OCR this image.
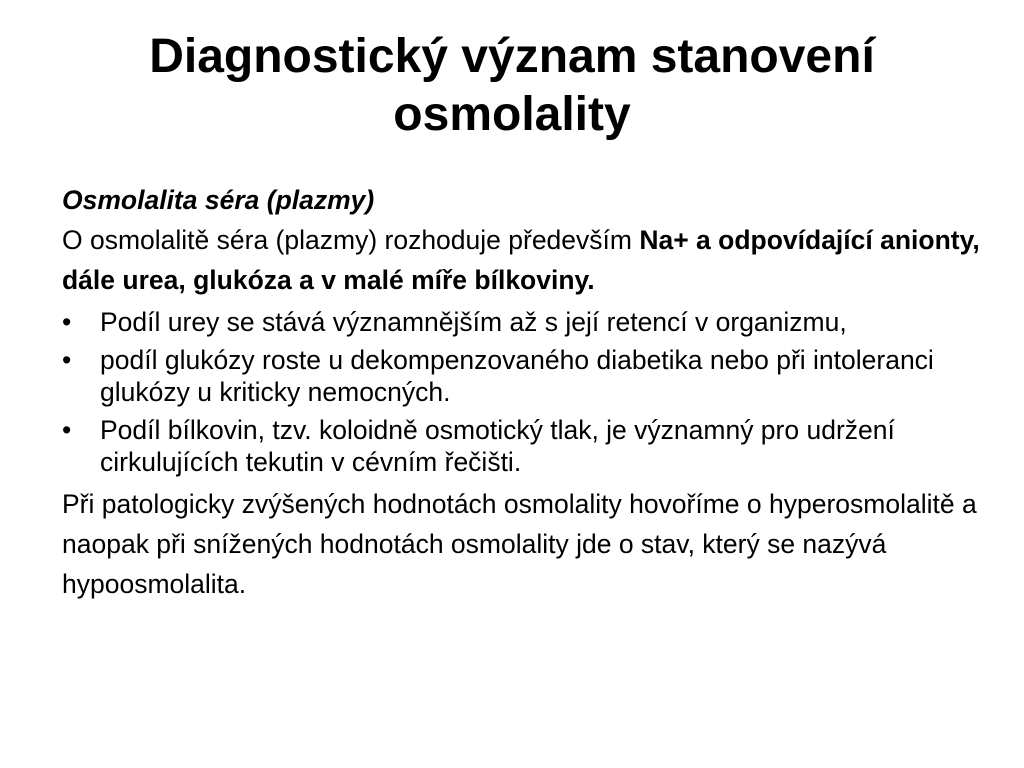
Diagnostický význam stanovení
osmolality
Osmolalita séra (plazmy)

O osmolalitě séra (plazmy) rozhoduje především Na+ a odpovídající anionty, dále urea, glukóza a v malé míře bílkoviny.

•	Podíl urey se stává významnějším až s její retencí v organizmu,
•	podíl glukózy roste u dekompenzovaného diabetika nebo při intoleranci glukózy u kriticky nemocných.
•	Podíl bílkovin, tzv. koloidně osmotický tlak, je významný pro udržení cirkulujících tekutin v cévním řečišti.

Při patologicky zvýšených hodnotách osmolality hovoříme o hyperosmolalitě a naopak při snížených hodnotách osmolality jde o stav, který se nazývá hypoosmolalita.
